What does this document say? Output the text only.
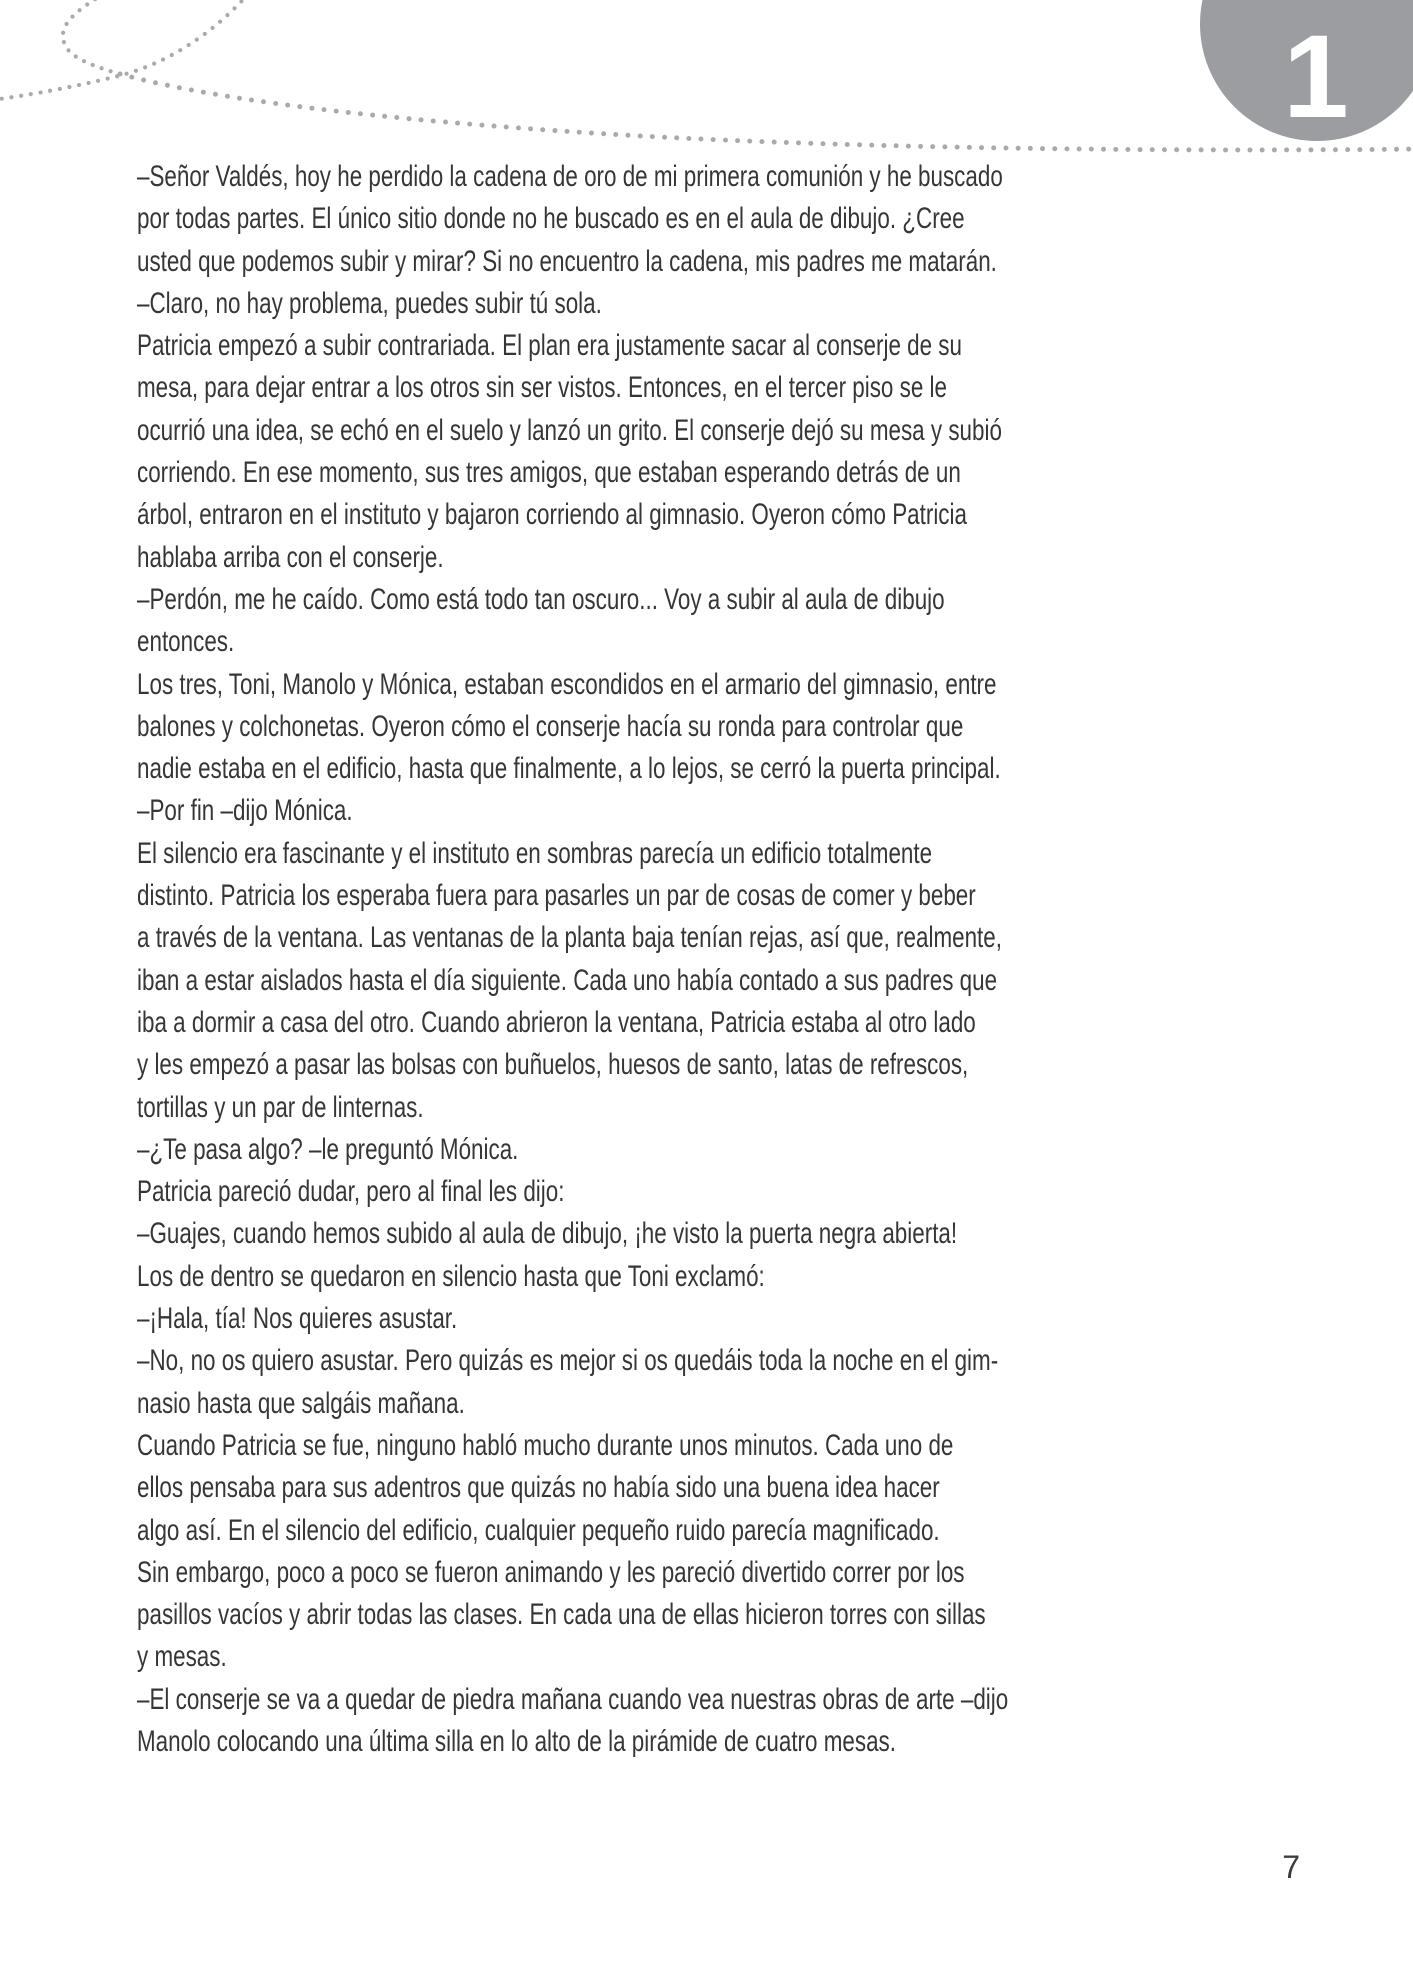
1
–Señor Valdés, hoy he perdido la cadena de oro de mi primera comunión y he buscado
por todas partes. El único sitio donde no he buscado es en el aula de dibujo. ¿Cree
usted que podemos subir y mirar? Si no encuentro la cadena, mis padres me matarán.
–Claro, no hay problema, puedes subir tú sola.
Patricia empezó a subir contrariada. El plan era justamente sacar al conserje de su
mesa, para dejar entrar a los otros sin ser vistos. Entonces, en el tercer piso se le
ocurrió una idea, se echó en el suelo y lanzó un grito. El conserje dejó su mesa y subió
corriendo. En ese momento, sus tres amigos, que estaban esperando detrás de un
árbol, entraron en el instituto y bajaron corriendo al gimnasio. Oyeron cómo Patricia
hablaba arriba con el conserje.
–Perdón, me he caído. Como está todo tan oscuro... Voy a subir al aula de dibujo
entonces.
Los tres, Toni, Manolo y Mónica, estaban escondidos en el armario del gimnasio, entre
balones y colchonetas. Oyeron cómo el conserje hacía su ronda para controlar que
nadie estaba en el edificio, hasta que finalmente, a lo lejos, se cerró la puerta principal.
–Por fin –dijo Mónica.
El silencio era fascinante y el instituto en sombras parecía un edificio totalmente
distinto. Patricia los esperaba fuera para pasarles un par de cosas de comer y beber
a través de la ventana. Las ventanas de la planta baja tenían rejas, así que, realmente,
iban a estar aislados hasta el día siguiente. Cada uno había contado a sus padres que
iba a dormir a casa del otro. Cuando abrieron la ventana, Patricia estaba al otro lado
y les empezó a pasar las bolsas con buñuelos, huesos de santo, latas de refrescos,
tortillas y un par de linternas.
–¿Te pasa algo? –le preguntó Mónica.
Patricia pareció dudar, pero al final les dijo:
–Guajes, cuando hemos subido al aula de dibujo, ¡he visto la puerta negra abierta!
Los de dentro se quedaron en silencio hasta que Toni exclamó:
–¡Hala, tía! Nos quieres asustar.
–No, no os quiero asustar. Pero quizás es mejor si os quedáis toda la noche en el gim-
nasio hasta que salgáis mañana.
Cuando Patricia se fue, ninguno habló mucho durante unos minutos. Cada uno de
ellos pensaba para sus adentros que quizás no había sido una buena idea hacer
algo así. En el silencio del edificio, cualquier pequeño ruido parecía magnificado.
Sin embargo, poco a poco se fueron animando y les pareció divertido correr por los
pasillos vacíos y abrir todas las clases. En cada una de ellas hicieron torres con sillas
y mesas.
–El conserje se va a quedar de piedra mañana cuando vea nuestras obras de arte –dijo
Manolo colocando una última silla en lo alto de la pirámide de cuatro mesas.
7
